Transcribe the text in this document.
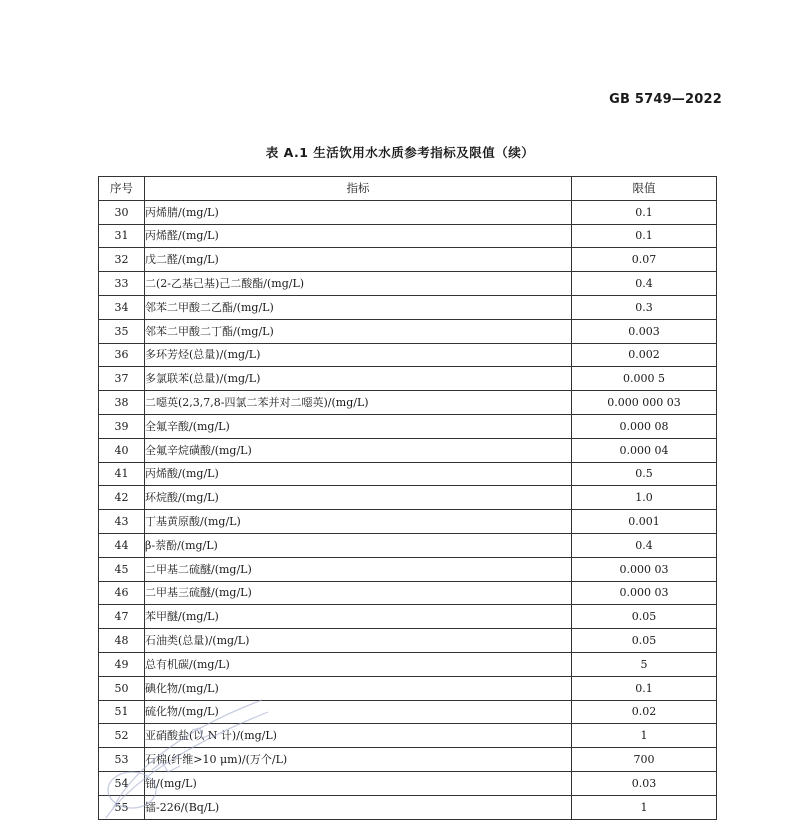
GB 5749—2022
表 A.1 生活饮用水水质参考指标及限值（续）
序号	指标	限值
30	丙烯腈/(mg/L)	0.1
31	丙烯醛/(mg/L)	0.1
32	戊二醛/(mg/L)	0.07
33	二(2-乙基己基)己二酸酯/(mg/L)	0.4
34	邻苯二甲酸二乙酯/(mg/L)	0.3
35	邻苯二甲酸二丁酯/(mg/L)	0.003
36	多环芳烃(总量)/(mg/L)	0.002
37	多氯联苯(总量)/(mg/L)	0.000 5
38	二噁英(2,3,7,8-四氯二苯并对二噁英)/(mg/L)	0.000 000 03
39	全氟辛酸/(mg/L)	0.000 08
40	全氟辛烷磺酸/(mg/L)	0.000 04
41	丙烯酸/(mg/L)	0.5
42	环烷酸/(mg/L)	1.0
43	丁基黄原酸/(mg/L)	0.001
44	β-萘酚/(mg/L)	0.4
45	二甲基二硫醚/(mg/L)	0.000 03
46	二甲基三硫醚/(mg/L)	0.000 03
47	苯甲醚/(mg/L)	0.05
48	石油类(总量)/(mg/L)	0.05
49	总有机碳/(mg/L)	5
50	碘化物/(mg/L)	0.1
51	硫化物/(mg/L)	0.02
52	亚硝酸盐(以 N 计)/(mg/L)	1
53	石棉(纤维>10 μm)/(万个/L)	700
54	铀/(mg/L)	0.03
55	镭-226/(Bq/L)	1
